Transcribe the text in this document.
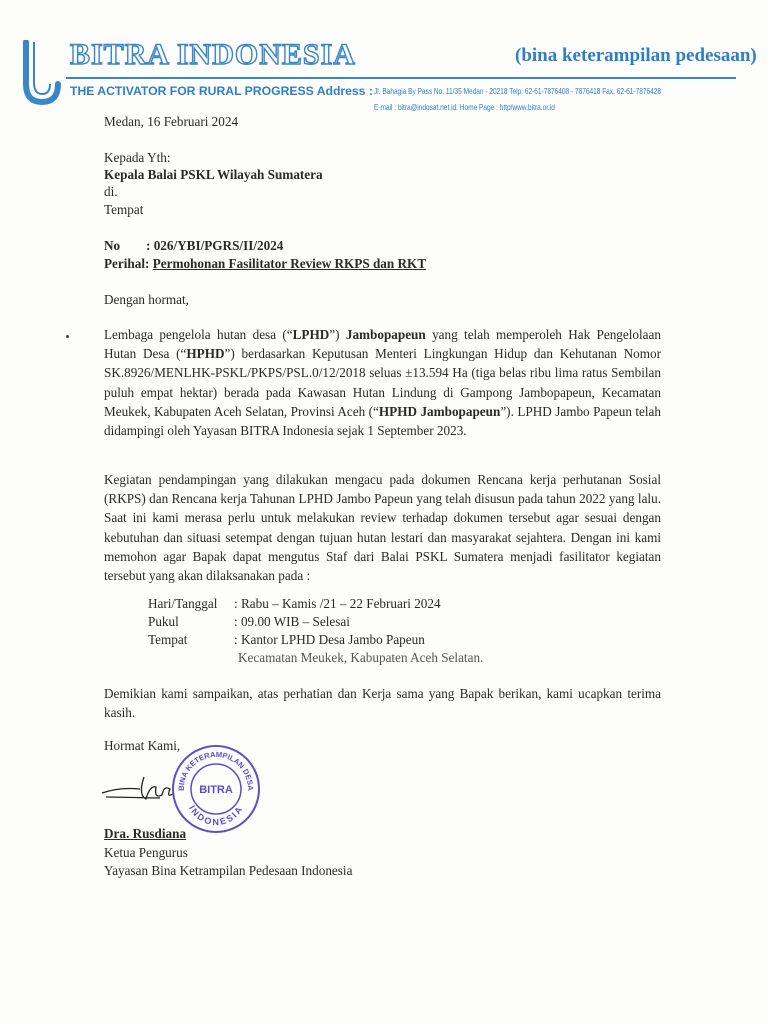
BITRA INDONESIA	(bina keterampilan pedesaan)
THE ACTIVATOR FOR RURAL PROGRESS Address : Jl. Bahagia By Pass No. 11/35 Medan - 20218 Telp. 62-61-7876408 - 7876418 Fax. 62-61-7876428
E-mail : bitra@indosat.net.id. Home Page : http/www.bitra.or.id
Medan, 16 Februari 2024
Kepada Yth:
Kepala Balai PSKL Wilayah Sumatera
di.
Tempat
No : 026/YBI/PGRS/II/2024
Perihal: Permohonan Fasilitator Review RKPS dan RKT
Dengan hormat,
Lembaga pengelola hutan desa (“LPHD”) Jambopapeun yang telah memperoleh Hak Pengelolaan Hutan Desa (“HPHD”) berdasarkan Keputusan Menteri Lingkungan Hidup dan Kehutanan Nomor SK.8926/MENLHK-PSKL/PKPS/PSL.0/12/2018 seluas ±13.594 Ha (tiga belas ribu lima ratus Sembilan puluh empat hektar) berada pada Kawasan Hutan Lindung di Gampong Jambopapeun, Kecamatan Meukek, Kabupaten Aceh Selatan, Provinsi Aceh (“HPHD Jambopapeun”). LPHD Jambo Papeun telah didampingi oleh Yayasan BITRA Indonesia sejak 1 September 2023.
Kegiatan pendampingan yang dilakukan mengacu pada dokumen Rencana kerja perhutanan Sosial (RKPS) dan Rencana kerja Tahunan LPHD Jambo Papeun yang telah disusun pada tahun 2022 yang lalu. Saat ini kami merasa perlu untuk melakukan review terhadap dokumen tersebut agar sesuai dengan kebutuhan dan situasi setempat dengan tujuan hutan lestari dan masyarakat sejahtera. Dengan ini kami memohon agar Bapak dapat mengutus Staf dari Balai PSKL Sumatera menjadi fasilitator kegiatan tersebut yang akan dilaksanakan pada :
Hari/Tanggal : Rabu – Kamis /21 – 22 Februari 2024
Pukul	: 09.00 WIB – Selesai
Tempat	: Kantor LPHD Desa Jambo Papeun
Kecamatan Meukek, Kabupaten Aceh Selatan.
Demikian kami sampaikan, atas perhatian dan Kerja sama yang Bapak berikan, kami ucapkan terima kasih.
Hormat Kami,
BINA KETERAMPILAN DESA
BITRA
INDONESIA
Dra. Rusdiana
Ketua Pengurus
Yayasan Bina Ketrampilan Pedesaan Indonesia
